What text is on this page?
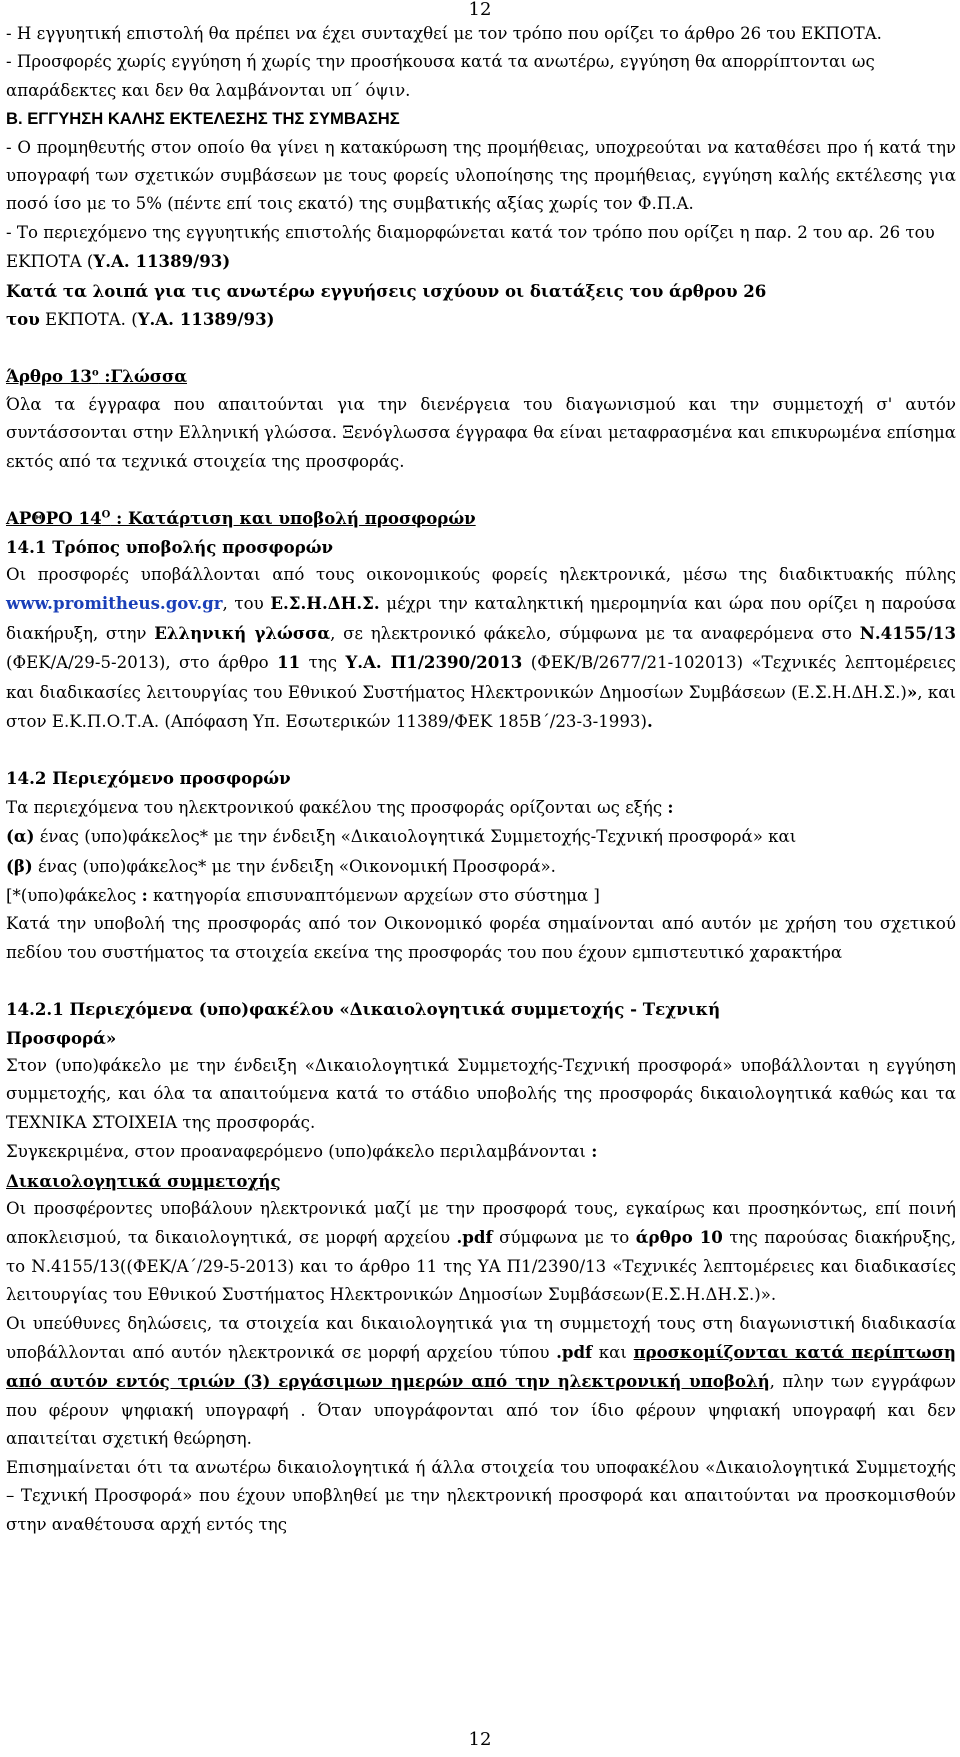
12

- Η εγγυητική επιστολή θα πρέπει να έχει συνταχθεί με τον τρόπο που ορίζει το άρθρο 26 του ΕΚΠΟΤΑ.

- Προσφορές χωρίς εγγύηση ή χωρίς την προσήκουσα κατά τα ανωτέρω, εγγύηση θα απορρίπτονται ως απαράδεκτες και δεν θα λαμβάνονται υπ΄ όψιν.

Β. ΕΓΓΥΗΣΗ ΚΑΛΗΣ ΕΚΤΕΛΕΣΗΣ ΤΗΣ ΣΥΜΒΑΣΗΣ

- Ο προμηθευτής στον οποίο θα γίνει η κατακύρωση της προμήθειας, υποχρεούται να καταθέσει προ ή κατά την υπογραφή των σχετικών συμβάσεων με τους φορείς υλοποίησης της προμήθειας, εγγύηση καλής εκτέλεσης για ποσό ίσο με το 5% (πέντε επί τοις εκατό) της συμβατικής αξίας χωρίς τον Φ.Π.Α.

- Το περιεχόμενο της εγγυητικής επιστολής διαμορφώνεται κατά τον τρόπο που ορίζει η παρ. 2 του αρ. 26 του ΕΚΠΟΤΑ (Υ.Α. 11389/93)

Κατά τα λοιπά για τις ανωτέρω εγγυήσεις ισχύουν οι διατάξεις του άρθρου 26

του ΕΚΠΟΤΑ. (Υ.Α. 11389/93)

Άρθρο $13^o$ :Γλώσσα

Όλα τα έγγραφα που απαιτούνται για την διενέργεια του διαγωνισμού και την συμμετοχή σ' αυτόν συντάσσονται στην Ελληνική γλώσσα. Ξενόγλωσσα έγγραφα θα είναι μεταφρασμένα και επικυρωμένα επίσημα εκτός από τα τεχνικά στοιχεία της προσφοράς.

ΑΡΘΡΟ $14^O$ : Κατάρτιση και υποβολή προσφορών

14.1 Τρόπος υποβολής προσφορών

Οι προσφορές υποβάλλονται από τους οικονομικούς φορείς ηλεκτρονικά, μέσω της διαδικτυακής πύλης www.promitheus.gov.gr, του Ε.Σ.Η.ΔΗ.Σ. μέχρι την καταληκτική ημερομηνία και ώρα που ορίζει η παρούσα διακήρυξη, στην Ελληνική γλώσσα, σε ηλεκτρονικό φάκελο, σύμφωνα με τα αναφερόμενα στο Ν.4155/13 (ΦΕΚ/Α/29-5-2013), στο άρθρο 11 της Υ.Α. Π1/2390/2013 (ΦΕΚ/Β/2677/21-102013) «Τεχνικές λεπτομέρειες και διαδικασίες λειτουργίας του Εθνικού Συστήματος Ηλεκτρονικών Δημοσίων Συμβάσεων (Ε.Σ.Η.ΔΗ.Σ.)», και στον Ε.Κ.Π.Ο.Τ.Α. (Απόφαση Υπ. Εσωτερικών 11389/ΦΕΚ 185Β΄/23-3-1993).

14.2 Περιεχόμενο προσφορών

Τα περιεχόμενα του ηλεκτρονικού φακέλου της προσφοράς ορίζονται ως εξής :

(α) ένας (υπο)φάκελος* με την ένδειξη «Δικαιολογητικά Συμμετοχής-Τεχνική προσφορά» και

(β) ένας (υπο)φάκελος* με την ένδειξη «Οικονομική Προσφορά».

[*(υπο)φάκελος : κατηγορία επισυναπτόμενων αρχείων στο σύστημα ]

Κατά την υποβολή της προσφοράς από τον Οικονομικό φορέα σημαίνονται από αυτόν με χρήση του σχετικού πεδίου του συστήματος τα στοιχεία εκείνα της προσφοράς του που έχουν εμπιστευτικό χαρακτήρα

14.2.1 Περιεχόμενα (υπο)φακέλου «Δικαιολογητικά συμμετοχής - Τεχνική Προσφορά»

Στον (υπο)φάκελο με την ένδειξη «Δικαιολογητικά Συμμετοχής-Τεχνική προσφορά» υποβάλλονται η εγγύηση συμμετοχής, και όλα τα απαιτούμενα κατά το στάδιο υποβολής της προσφοράς δικαιολογητικά καθώς και τα ΤΕΧΝΙΚΑ ΣΤΟΙΧΕΙΑ της προσφοράς.

Συγκεκριμένα, στον προαναφερόμενο (υπο)φάκελο περιλαμβάνονται :

Δικαιολογητικά συμμετοχής

Οι προσφέροντες υποβάλουν ηλεκτρονικά μαζί με την προσφορά τους, εγκαίρως και προσηκόντως, επί ποινή αποκλεισμού, τα δικαιολογητικά, σε μορφή αρχείου .pdf σύμφωνα με το άρθρο 10 της παρούσας διακήρυξης, το Ν.4155/13((ΦΕΚ/Α΄/29-5-2013) και το άρθρο 11 της ΥΑ Π1/2390/13 «Τεχνικές λεπτομέρειες και διαδικασίες λειτουργίας του Εθνικού Συστήματος Ηλεκτρονικών Δημοσίων Συμβάσεων(Ε.Σ.Η.ΔΗ.Σ.)».

Οι υπεύθυνες δηλώσεις, τα στοιχεία και δικαιολογητικά για τη συμμετοχή τους στη διαγωνιστική διαδικασία υποβάλλονται από αυτόν ηλεκτρονικά σε μορφή αρχείου τύπου .pdf και προσκομίζονται κατά περίπτωση από αυτόν εντός τριών (3) εργάσιμων ημερών από την ηλεκτρονική υποβολή, πλην των εγγράφων που φέρουν ψηφιακή υπογραφή . Όταν υπογράφονται από τον ίδιο φέρουν ψηφιακή υπογραφή και δεν απαιτείται σχετική θεώρηση.

Επισημαίνεται ότι τα ανωτέρω δικαιολογητικά ή άλλα στοιχεία του υποφακέλου «Δικαιολογητικά Συμμετοχής – Τεχνική Προσφορά» που έχουν υποβληθεί με την ηλεκτρονική προσφορά και απαιτούνται να προσκομισθούν στην αναθέτουσα αρχή εντός της

12
